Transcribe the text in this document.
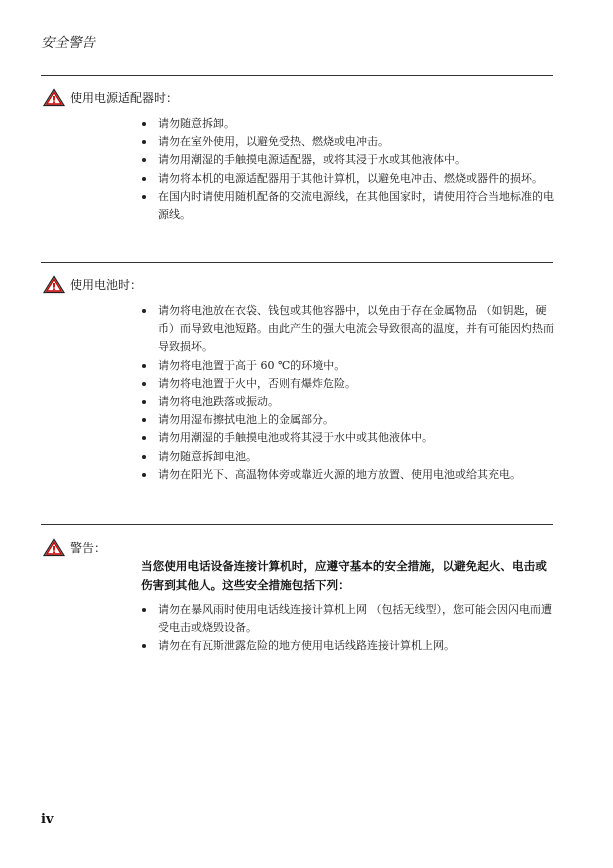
安全警告
使用电源适配器时：
请勿随意拆卸。
请勿在室外使用，以避免受热、燃烧或电冲击。
请勿用潮湿的手触摸电源适配器，或将其浸于水或其他液体中。
请勿将本机的电源适配器用于其他计算机，以避免电冲击、燃烧或器件的损坏。
在国内时请使用随机配备的交流电源线，在其他国家时，请使用符合当地标准的电源线。
使用电池时：
请勿将电池放在衣袋、钱包或其他容器中，以免由于存在金属物品 （如钥匙，硬币）而导致电池短路。由此产生的强大电流会导致很高的温度，并有可能因灼热而导致损坏。
请勿将电池置于高于 60 ℃的环境中。
请勿将电池置于火中，否则有爆炸危险。
请勿将电池跌落或振动。
请勿用湿布擦拭电池上的金属部分。
请勿用潮湿的手触摸电池或将其浸于水中或其他液体中。
请勿随意拆卸电池。
请勿在阳光下、高温物体旁或靠近火源的地方放置、使用电池或给其充电。
警告：

当您使用电话设备连接计算机时，应遵守基本的安全措施，以避免起火、电击或伤害到其他人。这些安全措施包括下列：

请勿在暴风雨时使用电话线连接计算机上网 （包括无线型），您可能会因闪电而遭受电击或烧毁设备。
请勿在有瓦斯泄露危险的地方使用电话线路连接计算机上网。
iv
